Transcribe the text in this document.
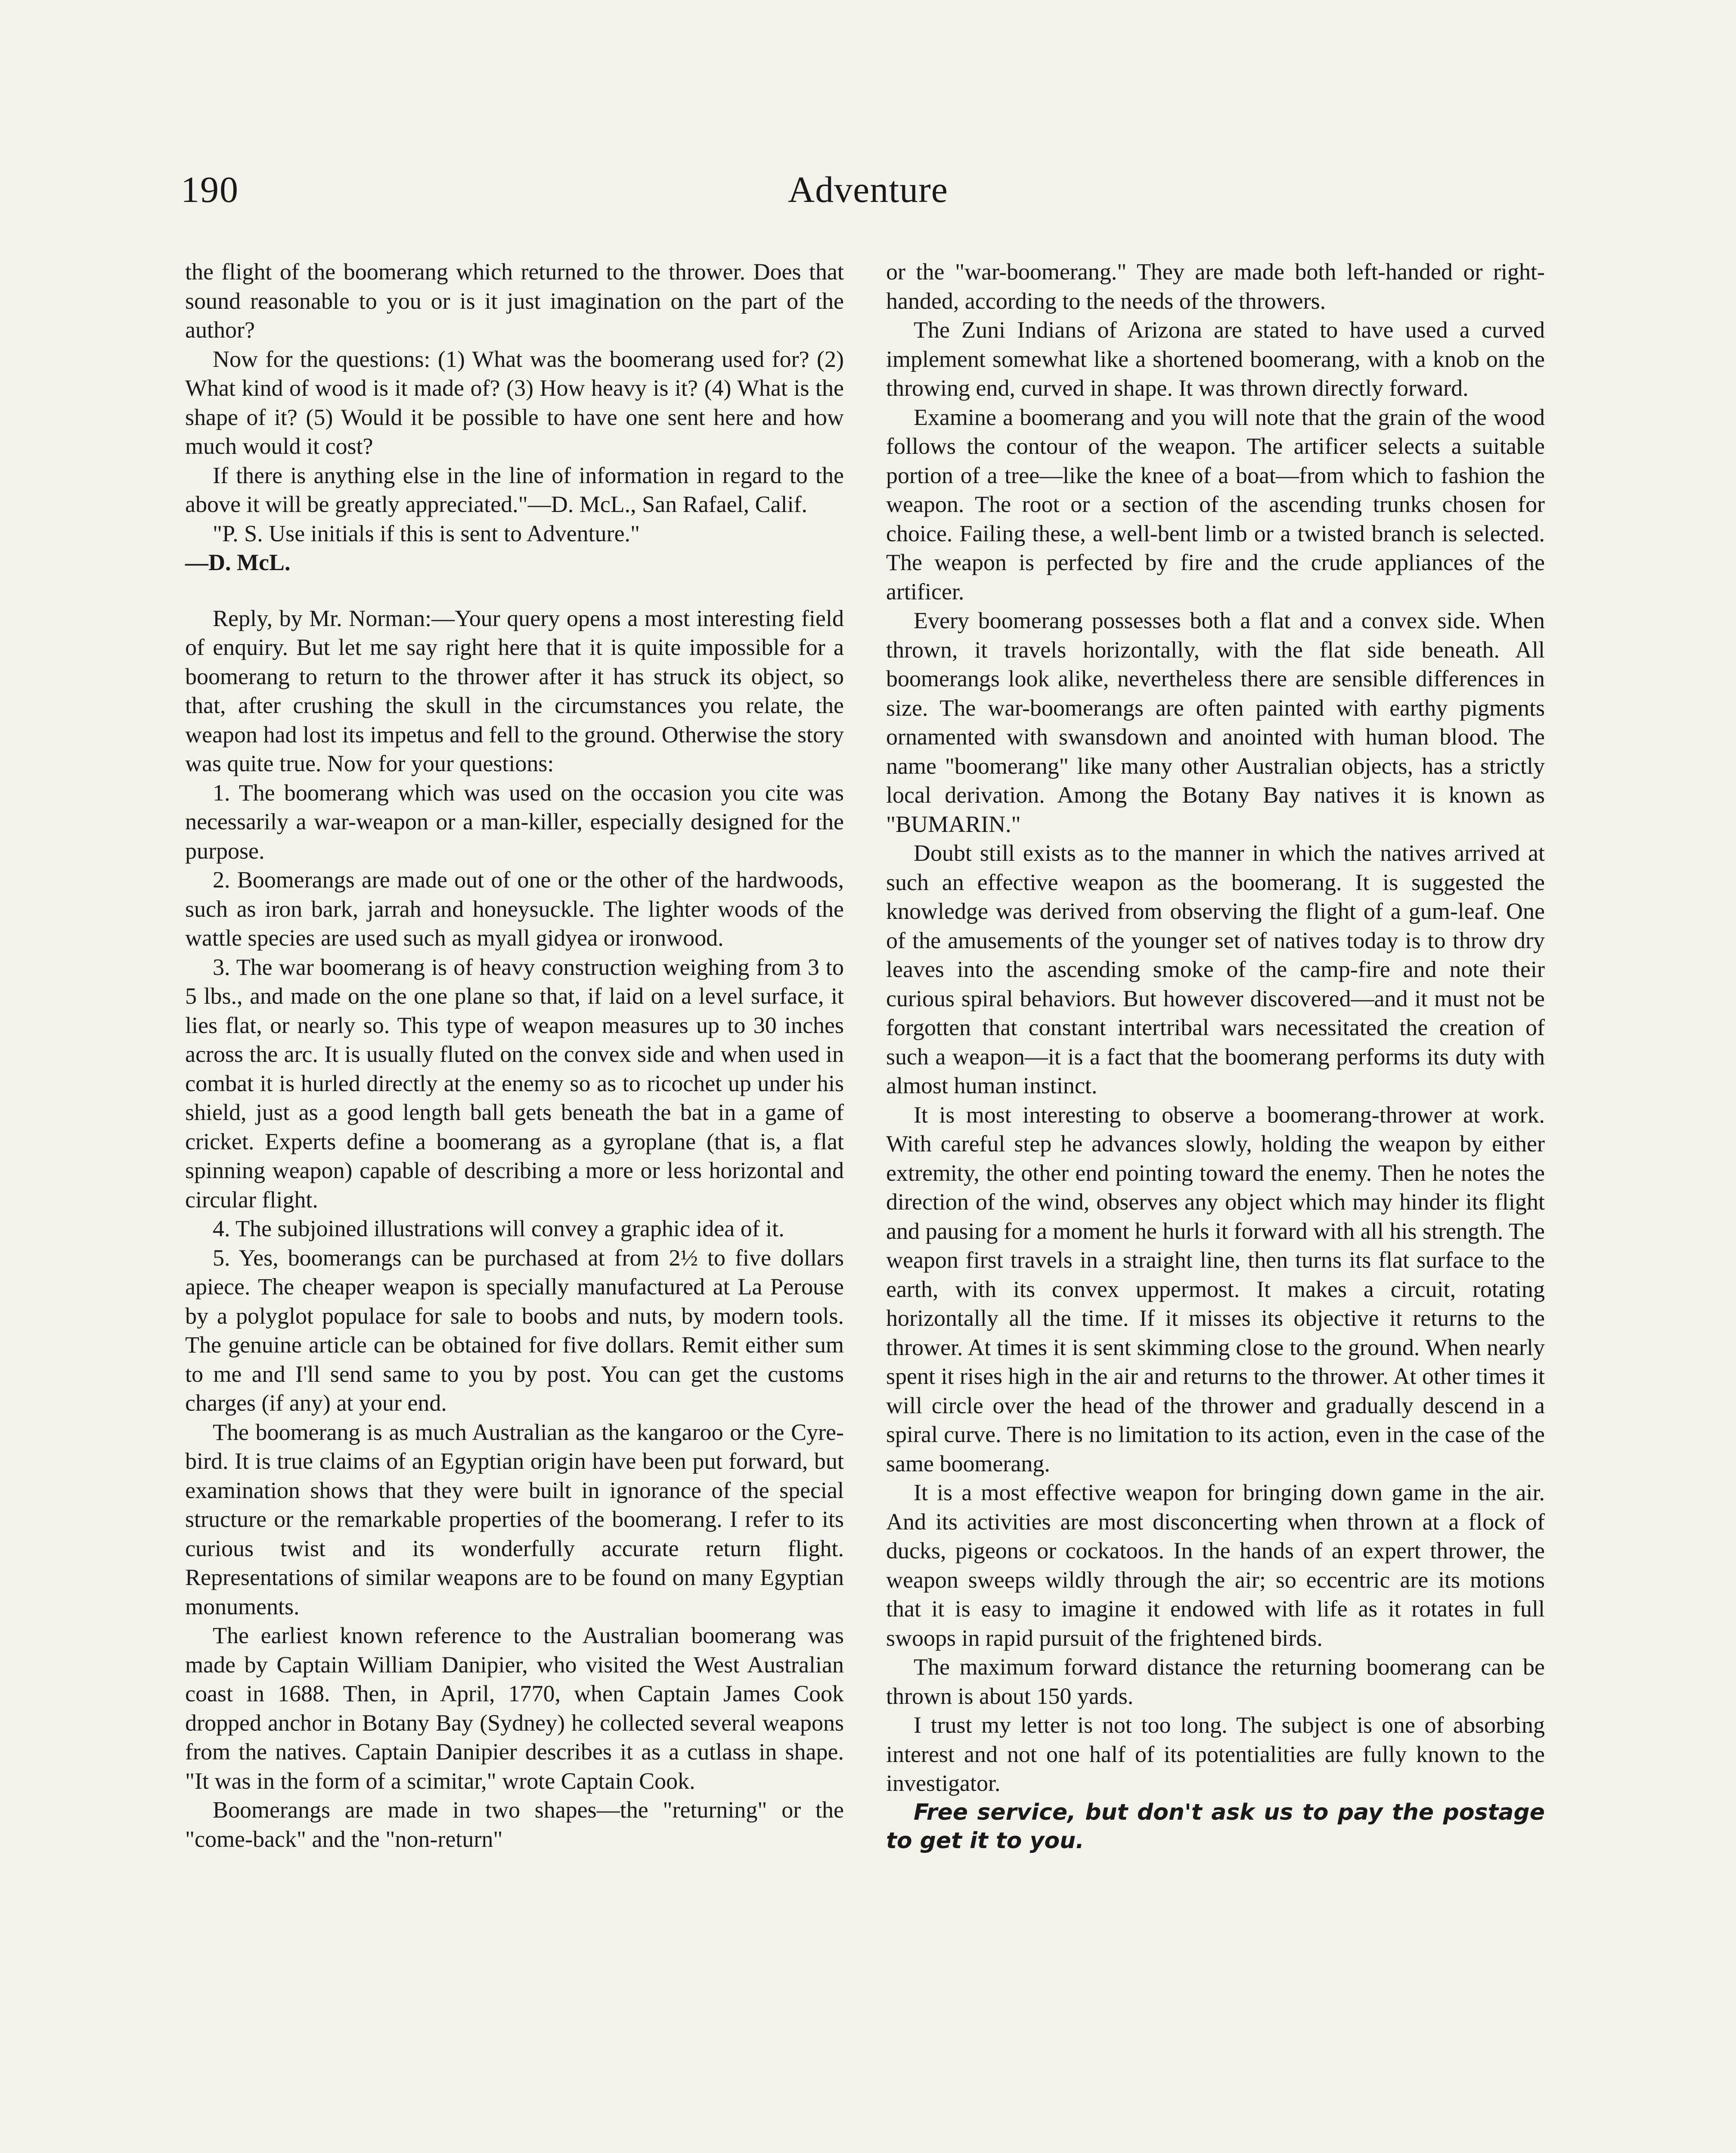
190	Adventure

the flight of the boomerang which returned to the thrower. Does that sound reasonable to you or is it just imagination on the part of the author?

Now for the questions: (1) What was the boomerang used for? (2) What kind of wood is it made of? (3) How heavy is it? (4) What is the shape of it? (5) Would it be possible to have one sent here and how much would it cost?

If there is anything else in the line of information in regard to the above it will be greatly appreciated."—D. McL., San Rafael, Calif.

"P. S. Use initials if this is sent to Adventure."

—D. McL.

Reply, by Mr. Norman:—Your query opens a most interesting field of enquiry. But let me say right here that it is quite impossible for a boomerang to return to the thrower after it has struck its object, so that, after crushing the skull in the circumstances you relate, the weapon had lost its impetus and fell to the ground. Otherwise the story was quite true. Now for your questions:

1. The boomerang which was used on the occasion you cite was necessarily a war-weapon or a man-killer, especially designed for the purpose.

2. Boomerangs are made out of one or the other of the hardwoods, such as iron bark, jarrah and honeysuckle. The lighter woods of the wattle species are used such as myall gidyea or ironwood.

3. The war boomerang is of heavy construction weighing from 3 to 5 lbs., and made on the one plane so that, if laid on a level surface, it lies flat, or nearly so. This type of weapon measures up to 30 inches across the arc. It is usually fluted on the convex side and when used in combat it is hurled directly at the enemy so as to ricochet up under his shield, just as a good length ball gets beneath the bat in a game of cricket. Experts define a boomerang as a gyroplane (that is, a flat spinning weapon) capable of describing a more or less horizontal and circular flight.

4. The subjoined illustrations will convey a graphic idea of it.

5. Yes, boomerangs can be purchased at from 2½ to five dollars apiece. The cheaper weapon is specially manufactured at La Perouse by a polyglot populace for sale to boobs and nuts, by modern tools. The genuine article can be obtained for five dollars. Remit either sum to me and I'll send same to you by post. You can get the customs charges (if any) at your end.

The boomerang is as much Australian as the kangaroo or the Cyre-bird. It is true claims of an Egyptian origin have been put forward, but examination shows that they were built in ignorance of the special structure or the remarkable properties of the boomerang. I refer to its curious twist and its wonderfully accurate return flight. Representations of similar weapons are to be found on many Egyptian monuments.

The earliest known reference to the Australian boomerang was made by Captain William Danipier, who visited the West Australian coast in 1688. Then, in April, 1770, when Captain James Cook dropped anchor in Botany Bay (Sydney) he collected several weapons from the natives. Captain Danipier describes it as a cutlass in shape. "It was in the form of a scimitar," wrote Captain Cook.

Boomerangs are made in two shapes—the "returning" or the "come-back" and the "non-return"

or the "war-boomerang." They are made both left-handed or right-handed, according to the needs of the throwers.

The Zuni Indians of Arizona are stated to have used a curved implement somewhat like a shortened boomerang, with a knob on the throwing end, curved in shape. It was thrown directly forward.

Examine a boomerang and you will note that the grain of the wood follows the contour of the weapon. The artificer selects a suitable portion of a tree—like the knee of a boat—from which to fashion the weapon. The root or a section of the ascending trunks chosen for choice. Failing these, a well-bent limb or a twisted branch is selected. The weapon is perfected by fire and the crude appliances of the artificer.

Every boomerang possesses both a flat and a convex side. When thrown, it travels horizontally, with the flat side beneath. All boomerangs look alike, nevertheless there are sensible differences in size. The war-boomerangs are often painted with earthy pigments ornamented with swansdown and anointed with human blood. The name "boomerang" like many other Australian objects, has a strictly local derivation. Among the Botany Bay natives it is known as "BUMARIN."

Doubt still exists as to the manner in which the natives arrived at such an effective weapon as the boomerang. It is suggested the knowledge was derived from observing the flight of a gum-leaf. One of the amusements of the younger set of natives today is to throw dry leaves into the ascending smoke of the camp-fire and note their curious spiral behaviors. But however discovered—and it must not be forgotten that constant intertribal wars necessitated the creation of such a weapon—it is a fact that the boomerang performs its duty with almost human instinct.

It is most interesting to observe a boomerang-thrower at work. With careful step he advances slowly, holding the weapon by either extremity, the other end pointing toward the enemy. Then he notes the direction of the wind, observes any object which may hinder its flight and pausing for a moment he hurls it forward with all his strength. The weapon first travels in a straight line, then turns its flat surface to the earth, with its convex uppermost. It makes a circuit, rotating horizontally all the time. If it misses its objective it returns to the thrower. At times it is sent skimming close to the ground. When nearly spent it rises high in the air and returns to the thrower. At other times it will circle over the head of the thrower and gradually descend in a spiral curve. There is no limitation to its action, even in the case of the same boomerang.

It is a most effective weapon for bringing down game in the air. And its activities are most disconcerting when thrown at a flock of ducks, pigeons or cockatoos. In the hands of an expert thrower, the weapon sweeps wildly through the air; so eccentric are its motions that it is easy to imagine it endowed with life as it rotates in full swoops in rapid pursuit of the frightened birds.

The maximum forward distance the returning boomerang can be thrown is about 150 yards.

I trust my letter is not too long. The subject is one of absorbing interest and not one half of its potentialities are fully known to the investigator.

Free service, but don't ask us to pay the postage to get it to you.
